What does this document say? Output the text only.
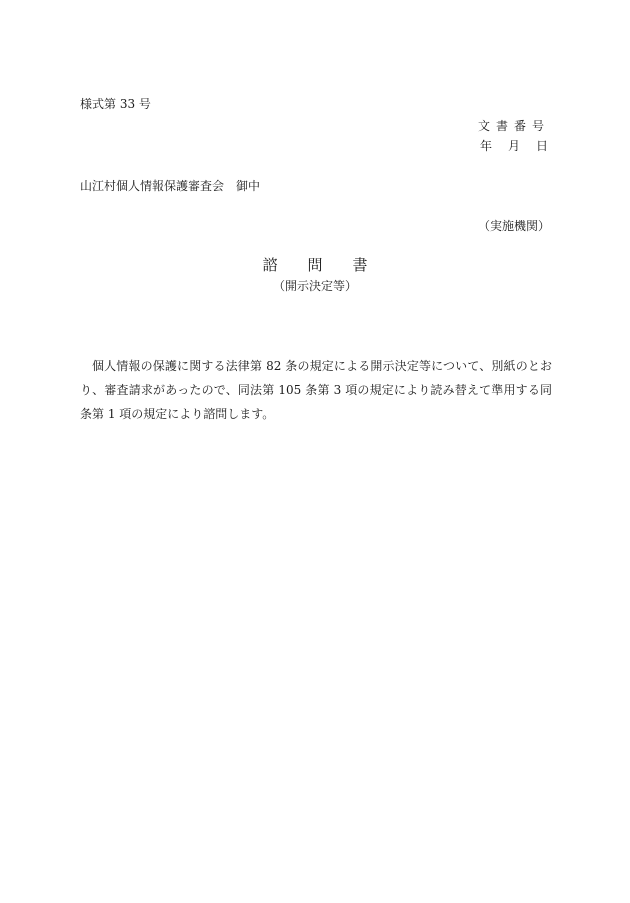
様式第 33 号
文書番号
年　月　日
山江村個人情報保護審査会　御中
（実施機関）
諮　　問　　書
（開示決定等）
個人情報の保護に関する法律第 82 条の規定による開示決定等について、別紙のとおり、審査請求があったので、同法第 105 条第 3 項の規定により読み替えて準用する同条第 1 項の規定により諮問します。
